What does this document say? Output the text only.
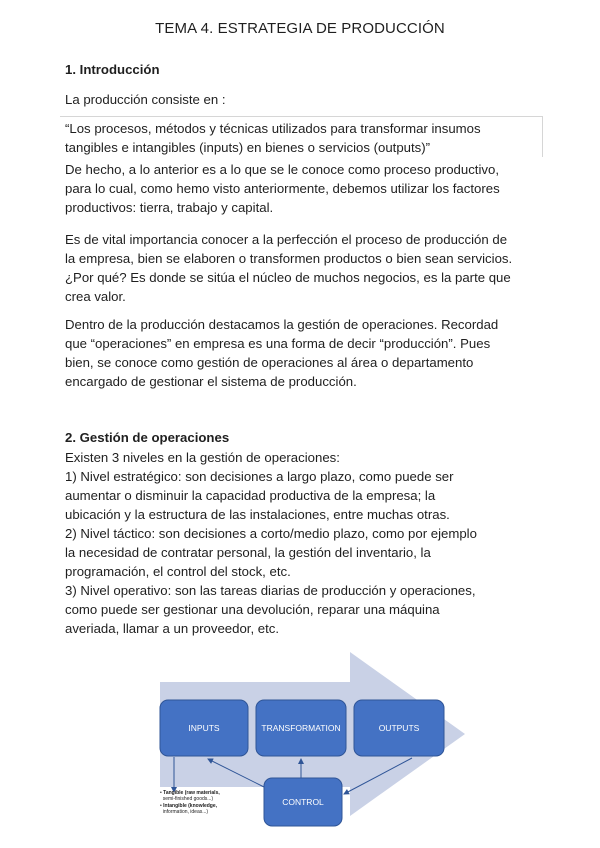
TEMA 4. ESTRATEGIA DE PRODUCCIÓN
1. Introducción
La producción consiste en :
“Los procesos, métodos y técnicas utilizados para transformar insumos
tangibles e intangibles (inputs) en bienes o servicios (outputs)”
De hecho, a lo anterior es a lo que se le conoce como proceso productivo,
para lo cual, como hemo visto anteriormente, debemos utilizar los factores
productivos: tierra, trabajo y capital.
Es de vital importancia conocer a la perfección el proceso de producción de
la empresa, bien se elaboren o transformen productos o bien sean servicios.
¿Por qué? Es donde se sitúa el núcleo de muchos negocios, es la parte que
crea valor.
Dentro de la producción destacamos la gestión de operaciones. Recordad
que “operaciones” en empresa es una forma de decir “producción”. Pues
bien, se conoce como gestión de operaciones al área o departamento
encargado de gestionar el sistema de producción.
2. Gestión de operaciones
Existen 3 niveles en la gestión de operaciones:
1) Nivel estratégico: son decisiones a largo plazo, como puede ser
aumentar o disminuir la capacidad productiva de la empresa; la
ubicación y la estructura de las instalaciones, entre muchas otras.
2) Nivel táctico: son decisiones a corto/medio plazo, como por ejemplo
la necesidad de contratar personal, la gestión del inventario, la
programación, el control del stock, etc.
3) Nivel operativo: son las tareas diarias de producción y operaciones,
como puede ser gestionar una devolución, reparar una máquina
averiada, llamar a un proveedor, etc.
INPUTS	TRANSFORMATION	OUTPUTS
CONTROL
• Tangible (raw materials,
semi-finished goods...)
• Intangible (knowledge,
information, ideas...)
